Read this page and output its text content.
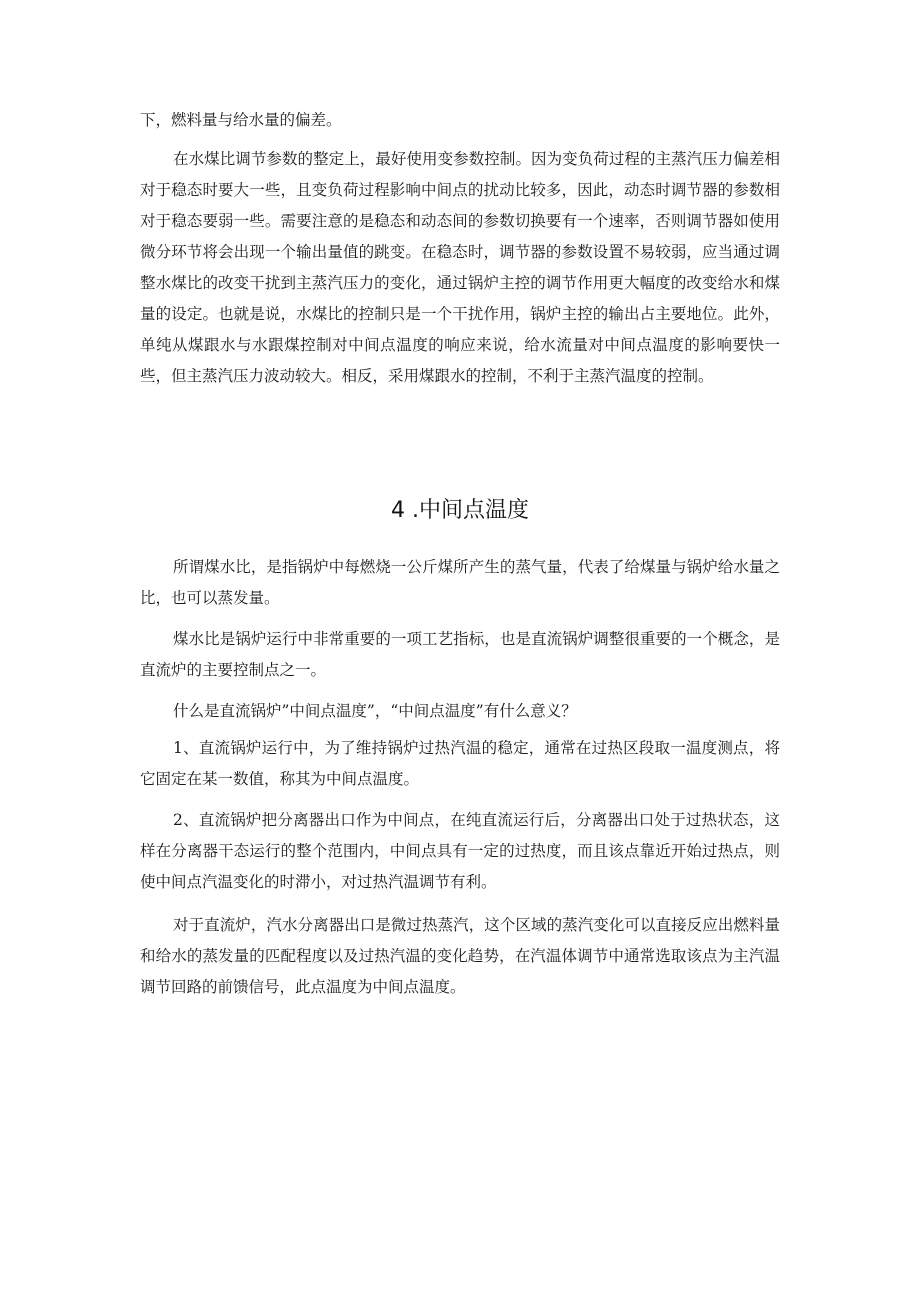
下，燃料量与给水量的偏差。

在水煤比调节参数的整定上，最好使用变参数控制。因为变负荷过程的主蒸汽压力偏差相对于稳态时要大一些，且变负荷过程影响中间点的扰动比较多，因此，动态时调节器的参数相对于稳态要弱一些。需要注意的是稳态和动态间的参数切换要有一个速率，否则调节器如使用微分环节将会出现一个输出量值的跳变。在稳态时，调节器的参数设置不易较弱，应当通过调整水煤比的改变干扰到主蒸汽压力的变化，通过锅炉主控的调节作用更大幅度的改变给水和煤量的设定。也就是说，水煤比的控制只是一个干扰作用，锅炉主控的输出占主要地位。此外，单纯从煤跟水与水跟煤控制对中间点温度的响应来说，给水流量对中间点温度的影响要快一些，但主蒸汽压力波动较大。相反，采用煤跟水的控制，不利于主蒸汽温度的控制。

4 .中间点温度

所谓煤水比，是指锅炉中每燃烧一公斤煤所产生的蒸气量，代表了给煤量与锅炉给水量之比，也可以蒸发量。

煤水比是锅炉运行中非常重要的一项工艺指标，也是直流锅炉调整很重要的一个概念，是直流炉的主要控制点之一。

什么是直流锅炉”中间点温度”，“中间点温度”有什么意义？

1、直流锅炉运行中，为了维持锅炉过热汽温的稳定，通常在过热区段取一温度测点，将它固定在某一数值，称其为中间点温度。

2、直流锅炉把分离器出口作为中间点，在纯直流运行后，分离器出口处于过热状态，这样在分离器干态运行的整个范围内，中间点具有一定的过热度，而且该点靠近开始过热点，则使中间点汽温变化的时滞小，对过热汽温调节有利。

对于直流炉，汽水分离器出口是微过热蒸汽，这个区域的蒸汽变化可以直接反应出燃料量和给水的蒸发量的匹配程度以及过热汽温的变化趋势，在汽温体调节中通常选取该点为主汽温调节回路的前馈信号，此点温度为中间点温度。
